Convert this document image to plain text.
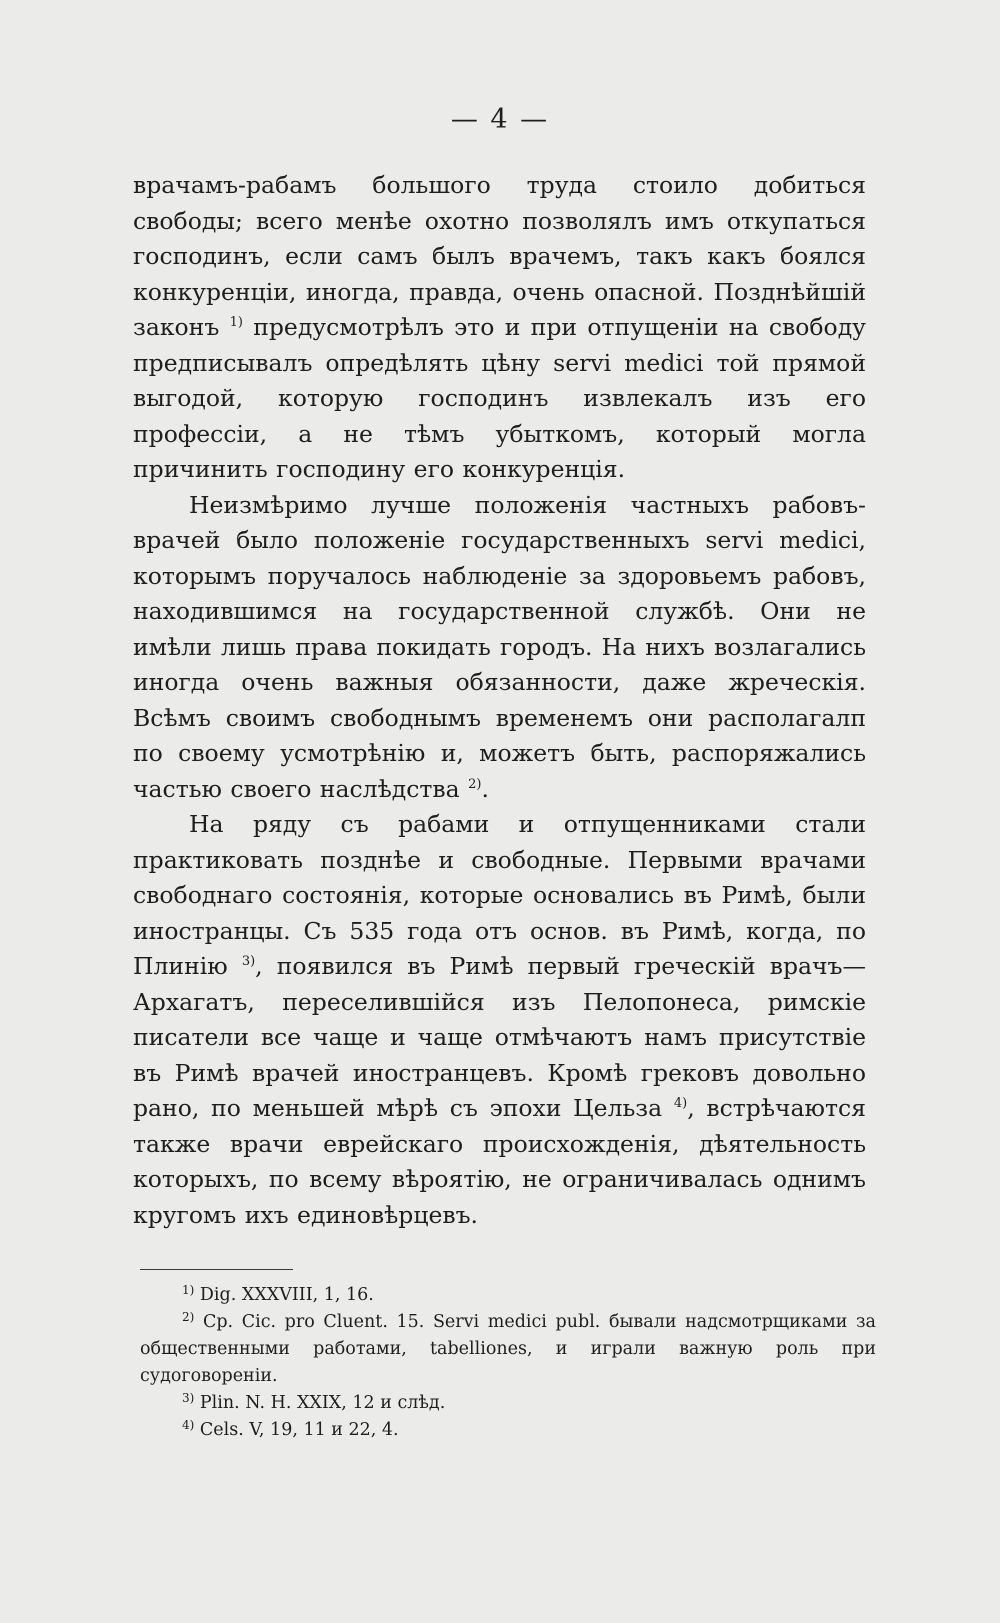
— 4 —

врачамъ-рабамъ большого труда стоило добиться свободы; всего менѣе охотно позволялъ имъ откупаться господинъ, если самъ былъ врачемъ, такъ какъ боялся конкуренціи, иногда, правда, очень опасной. Позднѣйшій законъ $^{1)}$ предусмотрѣлъ это и при отпущеніи на свободу предписывалъ опредѣлять цѣну servi medici той прямой выгодой, которую господинъ извлекалъ изъ его профессіи, а не тѣмъ убыткомъ, который могла причинить господину его конкуренція.

Неизмѣримо лучше положенія частныхъ рабовъ-врачей было положеніе государственныхъ servi medici, которымъ поручалось наблюденіе за здоровьемъ рабовъ, находившимся на государственной службѣ. Они не имѣли лишь права покидать городъ. На нихъ возлагались иногда очень важныя обязанности, даже жреческія. Всѣмъ своимъ свободнымъ временемъ они располагалп по своему усмотрѣнію и, можетъ быть, распоряжались частью своего наслѣдства $^{2)}$.

На ряду съ рабами и отпущенниками стали практиковать позднѣе и свободные. Первыми врачами свободнаго состоянія, которые основались въ Римѣ, были иностранцы. Съ 535 года отъ основ. въ Римѣ, когда, по Плинію $^{3)}$, появился въ Римѣ первый греческій врачъ— Архагатъ, переселившійся изъ Пелопонеса, римскіе писатели все чаще и чаще отмѣчаютъ намъ присутствіе въ Римѣ врачей иностранцевъ. Кромѣ грековъ довольно рано, по меньшей мѣрѣ съ эпохи Цельза $^{4)}$, встрѣчаются также врачи еврейскаго происхожденія, дѣятельность которыхъ, по всему вѣроятію, не ограничивалась однимъ кругомъ ихъ единовѣрцевъ.

$^{1)}$ Dig. XXXVIII, 1, 16.

$^{2)}$ Cp. Cic. pro Cluent. 15. Servi medici publ. бывали надсмотрщиками за общественными работами, tabelliones, и играли важную роль при судоговореніи.

$^{3)}$ Plin. N. H. XXIX, 12 и слѣд.

$^{4)}$ Cels. V, 19, 11 и 22, 4.
